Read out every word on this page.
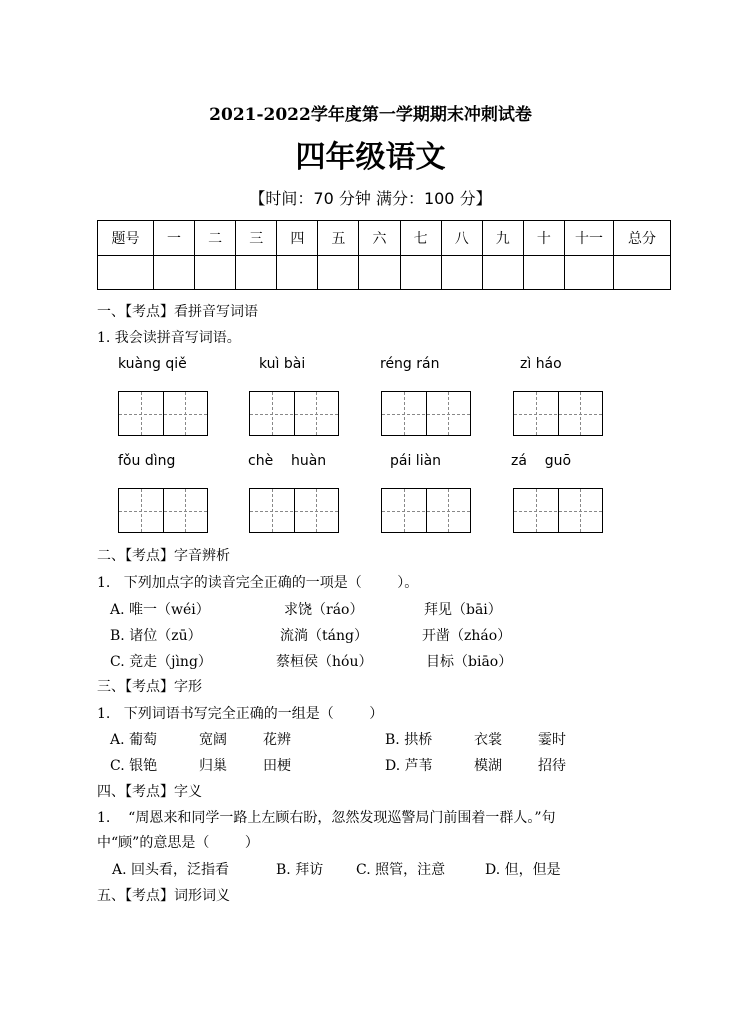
2021-2022学年度第一学期期末冲刺试卷
四年级语文
【时间：70 分钟 满分：100 分】
题号	一	二	三	四	五	六	七	八	九	十	十一	总分

一、【考点】看拼音写词语
1. 我会读拼音写词语。
kuàng qiě	kuì bài	réng rán	zì háo
fǒu dìng	chè    huàn	pái liàn	zá    guō
二、【考点】字音辨析
1.   下列加点字的读音完全正确的一项是（        ）。
A. 唯一（wéi）	求饶（ráo）	拜见（bāi）
B. 诸位（zū）	流淌（táng）	开凿（zháo）
C. 竞走（jìng）	蔡桓侯（hóu）	目标（biāo）
三、【考点】字形
1.   下列词语书写完全正确的一组是（        ）
A. 葡萄	宽阔	花辨	B. 拱桥	衣裳	霎时
C. 银铯	归巢	田梗	D. 芦苇	模湖	招待
四、【考点】字义
1.    “周恩来和同学一路上左顾右盼，忽然发现巡警局门前围着一群人。”句
中“顾”的意思是（        ）
A. 回头看，泛指看	B. 拜访 C. 照管，注意	D. 但，但是
五、【考点】词形词义
